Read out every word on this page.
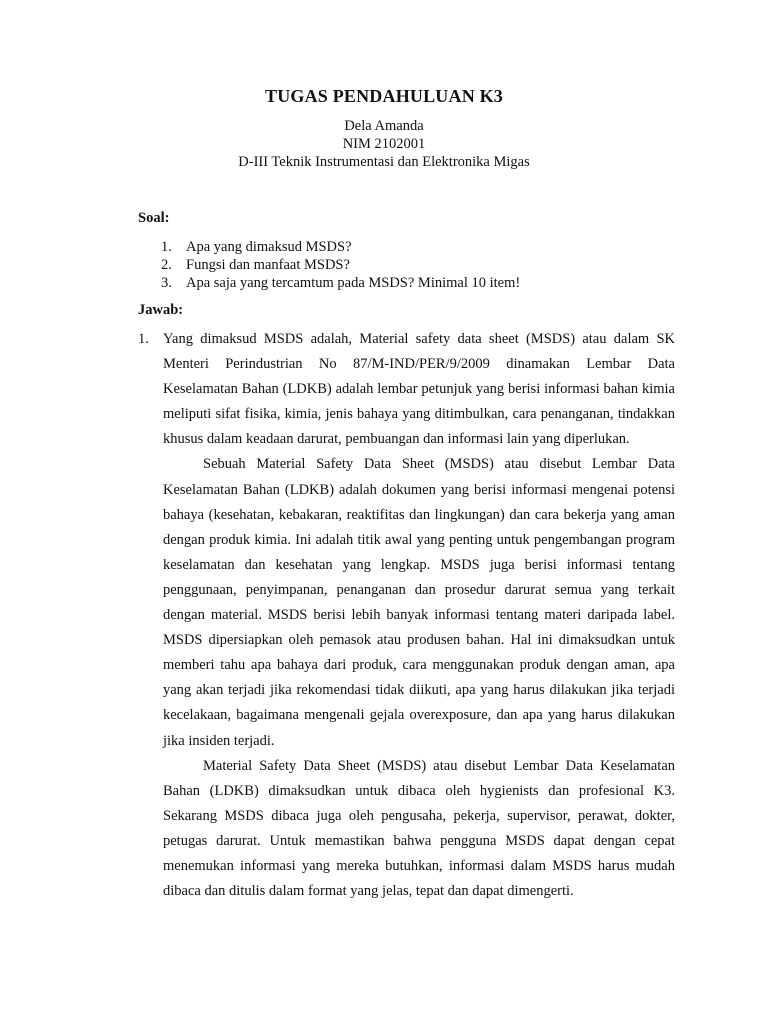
TUGAS PENDAHULUAN K3
Dela Amanda
NIM 2102001
D-III Teknik Instrumentasi dan Elektronika Migas
Soal:
1. Apa yang dimaksud MSDS?
2. Fungsi dan manfaat MSDS?
3. Apa saja yang tercamtum pada MSDS? Minimal 10 item!
Jawab:
1. Yang dimaksud MSDS adalah, Material safety data sheet (MSDS) atau dalam SK Menteri Perindustrian No 87/M-IND/PER/9/2009 dinamakan Lembar Data Keselamatan Bahan (LDKB) adalah lembar petunjuk yang berisi informasi bahan kimia meliputi sifat fisika, kimia, jenis bahaya yang ditimbulkan, cara penanganan, tindakkan khusus dalam keadaan darurat, pembuangan dan informasi lain yang diperlukan.

Sebuah Material Safety Data Sheet (MSDS) atau disebut Lembar Data Keselamatan Bahan (LDKB) adalah dokumen yang berisi informasi mengenai potensi bahaya (kesehatan, kebakaran, reaktifitas dan lingkungan) dan cara bekerja yang aman dengan produk kimia. Ini adalah titik awal yang penting untuk pengembangan program keselamatan dan kesehatan yang lengkap. MSDS juga berisi informasi tentang penggunaan, penyimpanan, penanganan dan prosedur darurat semua yang terkait dengan material. MSDS berisi lebih banyak informasi tentang materi daripada label. MSDS dipersiapkan oleh pemasok atau produsen bahan. Hal ini dimaksudkan untuk memberi tahu apa bahaya dari produk, cara menggunakan produk dengan aman, apa yang akan terjadi jika rekomendasi tidak diikuti, apa yang harus dilakukan jika terjadi kecelakaan, bagaimana mengenali gejala overexposure, dan apa yang harus dilakukan jika insiden terjadi.

Material Safety Data Sheet (MSDS) atau disebut Lembar Data Keselamatan Bahan (LDKB) dimaksudkan untuk dibaca oleh hygienists dan profesional K3. Sekarang MSDS dibaca juga oleh pengusaha, pekerja, supervisor, perawat, dokter, petugas darurat. Untuk memastikan bahwa pengguna MSDS dapat dengan cepat menemukan informasi yang mereka butuhkan, informasi dalam MSDS harus mudah dibaca dan ditulis dalam format yang jelas, tepat dan dapat dimengerti.
